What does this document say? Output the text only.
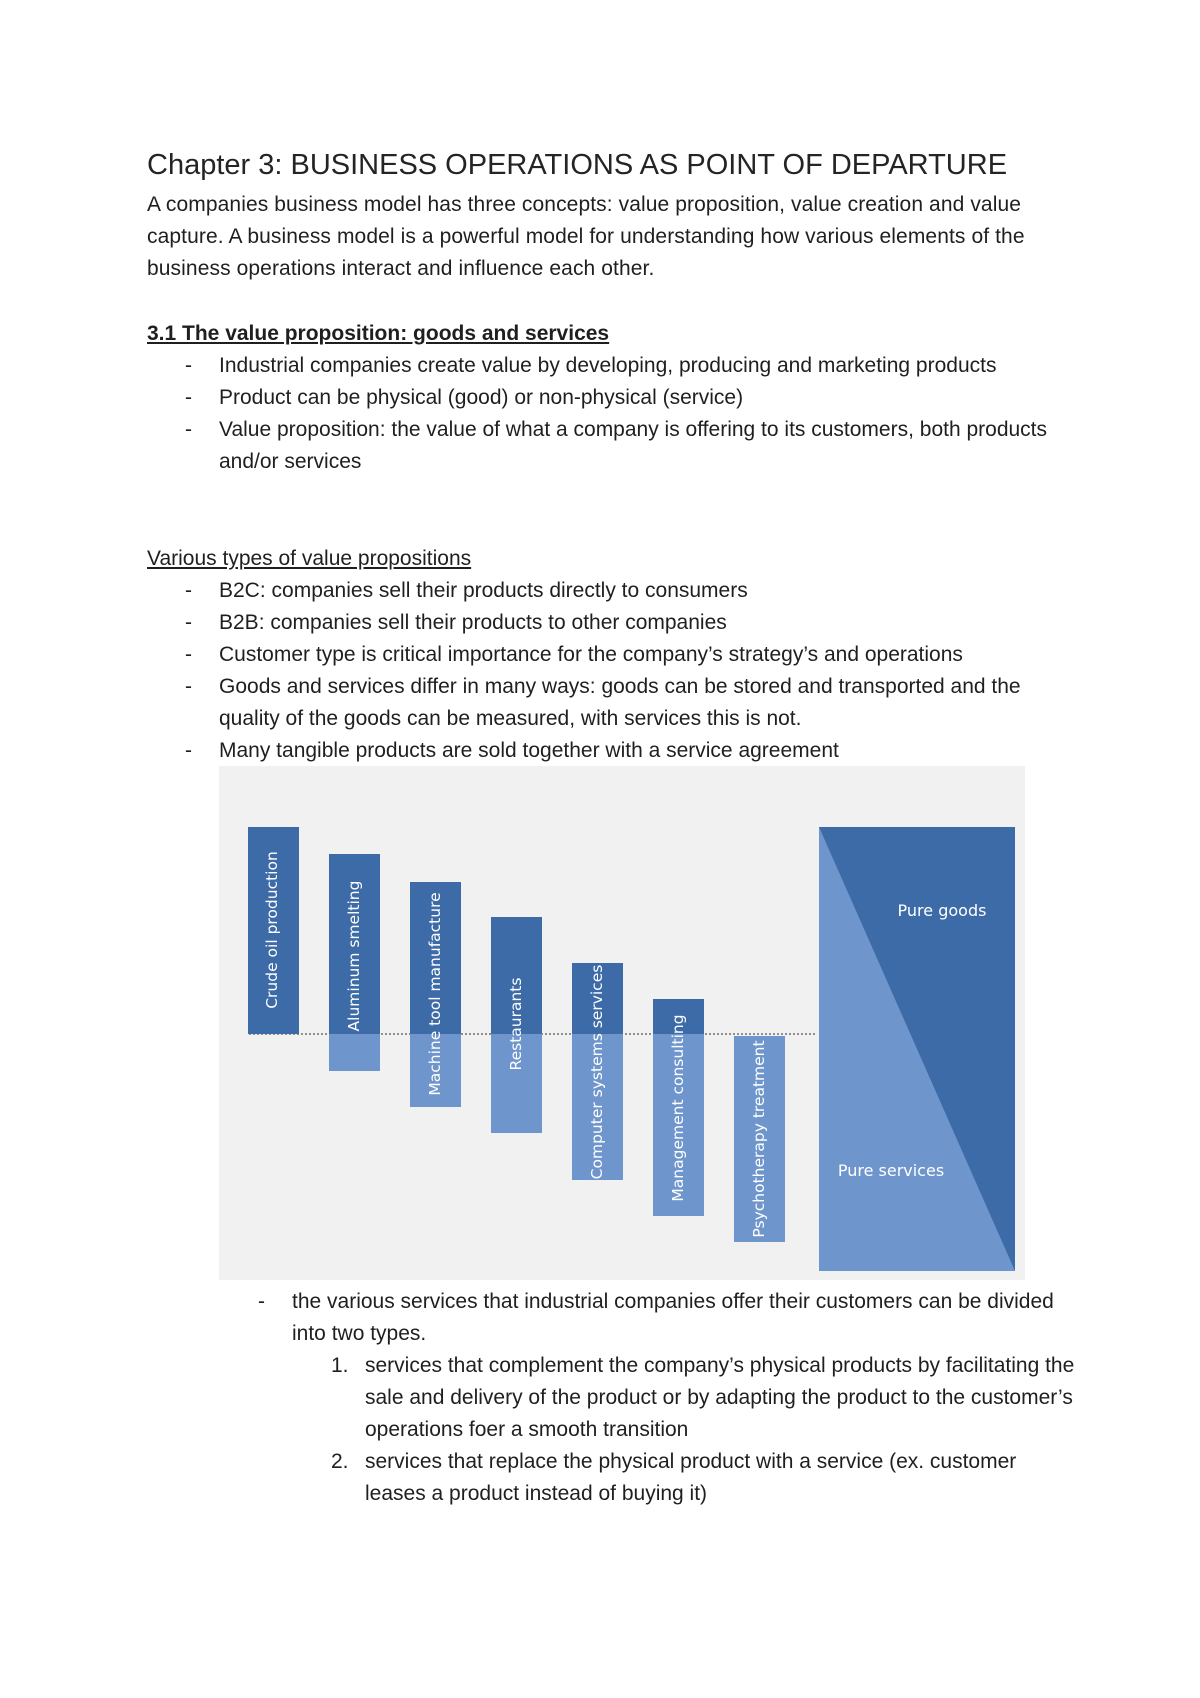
Chapter 3: BUSINESS OPERATIONS AS POINT OF DEPARTURE
A companies business model has three concepts: value proposition, value creation and value capture. A business model is a powerful model for understanding how various elements of the business operations interact and influence each other.
3.1 The value proposition: goods and services
- Industrial companies create value by developing, producing and marketing products
- Product can be physical (good) or non-physical (service)
- Value proposition: the value of what a company is offering to its customers, both products and/or services
Various types of value propositions
- B2C: companies sell their products directly to consumers
- B2B: companies sell their products to other companies
- Customer type is critical importance for the company’s strategy’s and operations
- Goods and services differ in many ways: goods can be stored and transported and the quality of the goods can be measured, with services this is not.
- Many tangible products are sold together with a service agreement
Crude oil production	Aluminum smelting	Machine tool manufacture	Restaurants	Computer systems services	Management consulting	Psychotherapy treatment
Pure goods
Pure services
- the various services that industrial companies offer their customers can be divided into two types.
1. services that complement the company’s physical products by facilitating the sale and delivery of the product or by adapting the product to the customer’s operations foer a smooth transition
2. services that replace the physical product with a service (ex. customer leases a product instead of buying it)
